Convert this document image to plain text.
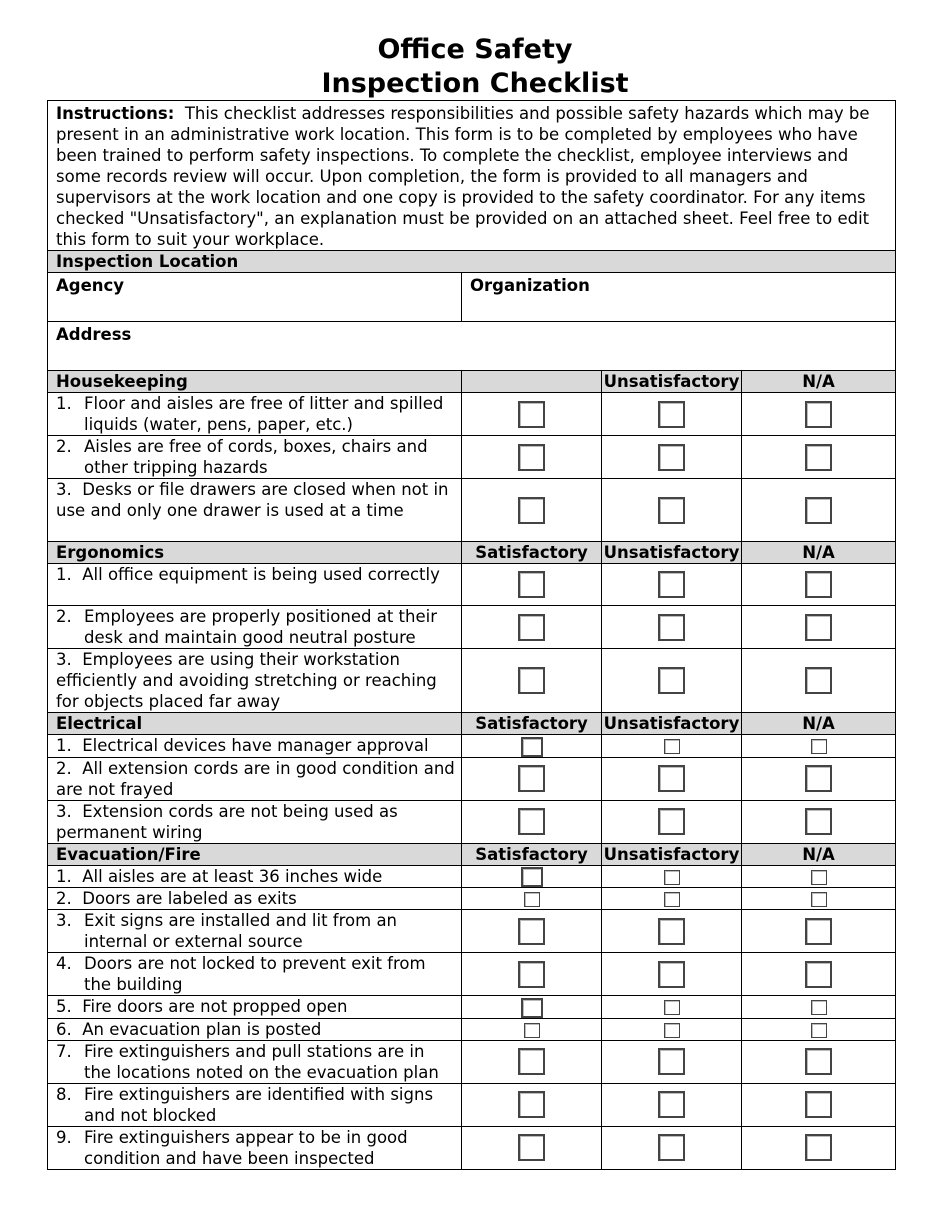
Office Safety
Inspection Checklist
Instructions: This checklist addresses responsibilities and possible safety hazards which may be present in an administrative work location. This form is to be completed by employees who have been trained to perform safety inspections. To complete the checklist, employee interviews and some records review will occur. Upon completion, the form is provided to all managers and supervisors at the work location and one copy is provided to the safety coordinator. For any items checked "Unsatisfactory", an explanation must be provided on an attached sheet. Feel free to edit this form to suit your workplace.			
Inspection Location			
Agency	Organization		
Address			
Housekeeping		Unsatisfactory	N/A
1. Floor and aisles are free of litter and spilled liquids (water, pens, paper, etc.)			
2. Aisles are free of cords, boxes, chairs and other tripping hazards			
3. Desks or file drawers are closed when not in use and only one drawer is used at a time			
Ergonomics	Satisfactory	Unsatisfactory	N/A
1. All office equipment is being used correctly			
2. Employees are properly positioned at their desk and maintain good neutral posture			
3. Employees are using their workstation efficiently and avoiding stretching or reaching for objects placed far away			
Electrical	Satisfactory	Unsatisfactory	N/A
1. Electrical devices have manager approval			
2. All extension cords are in good condition and are not frayed			
3. Extension cords are not being used as permanent wiring			
Evacuation/Fire	Satisfactory	Unsatisfactory	N/A
1. All aisles are at least 36 inches wide			
2. Doors are labeled as exits			
3. Exit signs are installed and lit from an internal or external source			
4. Doors are not locked to prevent exit from the building			
5. Fire doors are not propped open			
6. An evacuation plan is posted			
7. Fire extinguishers and pull stations are in the locations noted on the evacuation plan			
8. Fire extinguishers are identified with signs and not blocked			
9. Fire extinguishers appear to be in good condition and have been inspected			
